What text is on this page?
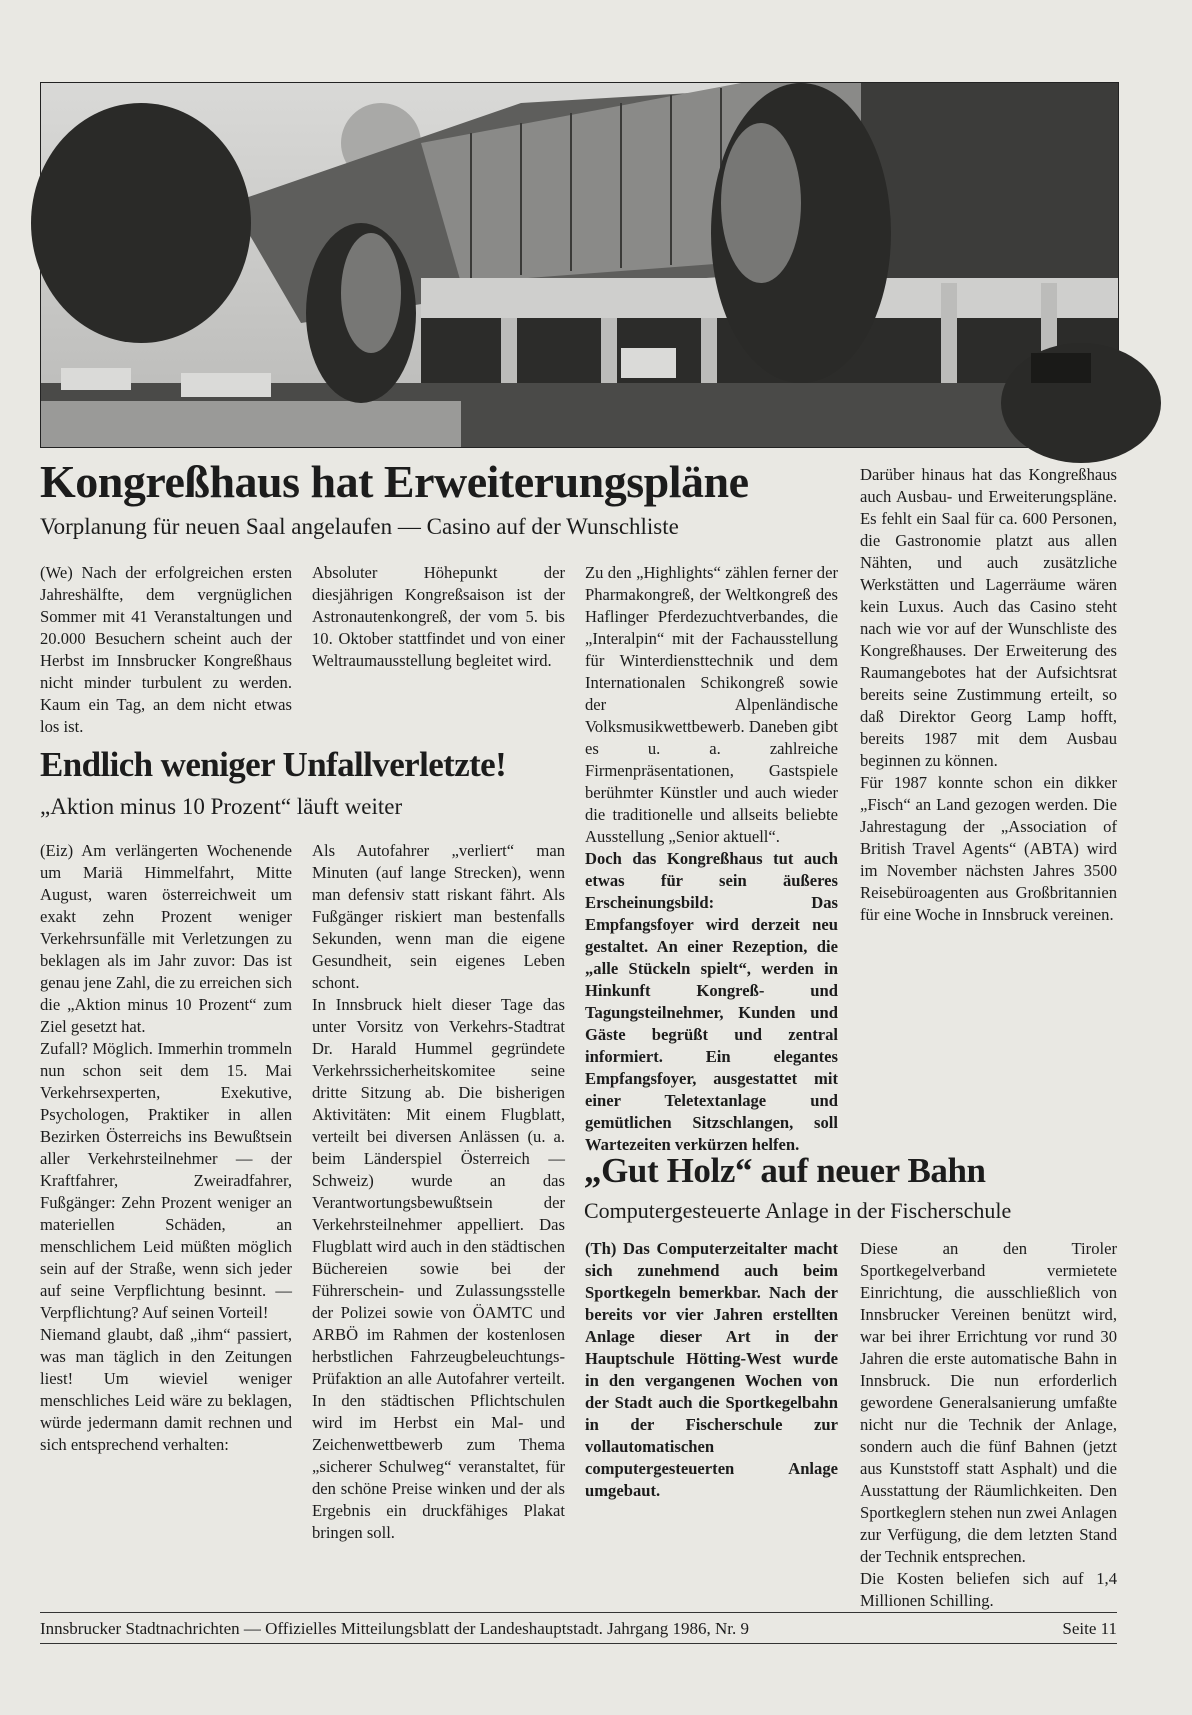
Kongreßhaus hat Erweiterungspläne
Vorplanung für neuen Saal angelaufen — Casino auf der Wunschliste

(We) Nach der erfolgreichen ersten Jahreshälfte, dem vergnüglichen Sommer mit 41 Veranstaltungen und 20.000 Besuchern scheint auch der Herbst im Innsbrucker Kongreßhaus nicht minder turbulent zu werden. Kaum ein Tag, an dem nicht etwas los ist.

Absoluter Höhepunkt der diesjährigen Kongreßsaison ist der Astronautenkongreß, der vom 5. bis 10. Oktober stattfindet und von einer Weltraumausstellung begleitet wird.

Zu den „Highlights“ zählen ferner der Pharmakongreß, der Weltkongreß des Haflinger Pferdezuchtverbandes, die „Interalpin“ mit der Fachausstellung für Winterdiensttechnik und dem Internationalen Schikongreß sowie der Alpenländische Volksmusikwettbewerb. Daneben gibt es u. a. zahlreiche Firmenpräsentationen, Gastspiele berühmter Künstler und auch wieder die traditionelle und allseits beliebte Ausstellung „Senior aktuell“.

Doch das Kongreßhaus tut auch etwas für sein äußeres Erscheinungsbild: Das Empfangsfoyer wird derzeit neu gestaltet. An einer Rezeption, die „alle Stückeln spielt“, werden in Hinkunft Kongreß- und Tagungsteilnehmer, Kunden und Gäste begrüßt und zentral informiert. Ein elegantes Empfangsfoyer, ausgestattet mit einer Teletextanlage und gemütlichen Sitzschlangen, soll Wartezeiten verkürzen helfen.

Darüber hinaus hat das Kongreßhaus auch Ausbau- und Erweiterungspläne. Es fehlt ein Saal für ca. 600 Personen, die Gastronomie platzt aus allen Nähten, und auch zusätzliche Werkstätten und Lagerräume wären kein Luxus. Auch das Casino steht nach wie vor auf der Wunschliste des Kongreßhauses. Der Erweiterung des Raumangebotes hat der Aufsichtsrat bereits seine Zustimmung erteilt, so daß Direktor Georg Lamp hofft, bereits 1987 mit dem Ausbau beginnen zu können.

Für 1987 konnte schon ein dikker „Fisch“ an Land gezogen werden. Die Jahrestagung der „Association of British Travel Agents“ (ABTA) wird im November nächsten Jahres 3500 Reisebüroagenten aus Großbritannien für eine Woche in Innsbruck vereinen.

Endlich weniger Unfallverletzte!
„Aktion minus 10 Prozent“ läuft weiter

(Eiz) Am verlängerten Wochenende um Mariä Himmelfahrt, Mitte August, waren österreichweit um exakt zehn Prozent weniger Verkehrsunfälle mit Verletzungen zu beklagen als im Jahr zuvor: Das ist genau jene Zahl, die zu erreichen sich die „Aktion minus 10 Prozent“ zum Ziel gesetzt hat.

Zufall? Möglich. Immerhin trommeln nun schon seit dem 15. Mai Verkehrsexperten, Exekutive, Psychologen, Praktiker in allen Bezirken Österreichs ins Bewußtsein aller Verkehrsteilnehmer — der Kraftfahrer, Zweiradfahrer, Fußgänger: Zehn Prozent weniger an materiellen Schäden, an menschlichem Leid müßten möglich sein auf der Straße, wenn sich jeder auf seine Verpflichtung besinnt. — Verpflichtung? Auf seinen Vorteil!

Niemand glaubt, daß „ihm“ passiert, was man täglich in den Zeitungen liest! Um wieviel weniger menschliches Leid wäre zu beklagen, würde jedermann damit rechnen und sich entsprechend verhalten:

Als Autofahrer „verliert“ man Minuten (auf lange Strecken), wenn man defensiv statt riskant fährt. Als Fußgänger riskiert man bestenfalls Sekunden, wenn man die eigene Gesundheit, sein eigenes Leben schont.

In Innsbruck hielt dieser Tage das unter Vorsitz von Verkehrs-Stadtrat Dr. Harald Hummel gegründete Verkehrssicherheitskomitee seine dritte Sitzung ab. Die bisherigen Aktivitäten: Mit einem Flugblatt, verteilt bei diversen Anlässen (u. a. beim Länderspiel Österreich — Schweiz) wurde an das Verantwortungsbewußtsein der Verkehrsteilnehmer appelliert. Das Flugblatt wird auch in den städtischen Büchereien sowie bei der Führerschein- und Zulassungsstelle der Polizei sowie von ÖAMTC und ARBÖ im Rahmen der kostenlosen herbstlichen Fahrzeugbeleuchtungs-Prüfaktion an alle Autofahrer verteilt. In den städtischen Pflichtschulen wird im Herbst ein Mal- und Zeichenwettbewerb zum Thema „sicherer Schulweg“ veranstaltet, für den schöne Preise winken und der als Ergebnis ein druckfähiges Plakat bringen soll.

„Gut Holz“ auf neuer Bahn
Computergesteuerte Anlage in der Fischerschule

(Th) Das Computerzeitalter macht sich zunehmend auch beim Sportkegeln bemerkbar. Nach der bereits vor vier Jahren erstellten Anlage dieser Art in der Hauptschule Hötting-West wurde in den vergangenen Wochen von der Stadt auch die Sportkegelbahn in der Fischerschule zur vollautomatischen computergesteuerten Anlage umgebaut.

Diese an den Tiroler Sportkegelverband vermietete Einrichtung, die ausschließlich von Innsbrucker Vereinen benützt wird, war bei ihrer Errichtung vor rund 30 Jahren die erste automatische Bahn in Innsbruck. Die nun erforderlich gewordene Generalsanierung umfaßte nicht nur die Technik der Anlage, sondern auch die fünf Bahnen (jetzt aus Kunststoff statt Asphalt) und die Ausstattung der Räumlichkeiten. Den Sportkeglern stehen nun zwei Anlagen zur Verfügung, die dem letzten Stand der Technik entsprechen.

Die Kosten beliefen sich auf 1,4 Millionen Schilling.

Innsbrucker Stadtnachrichten — Offizielles Mitteilungsblatt der Landeshauptstadt. Jahrgang 1986, Nr. 9	Seite 11
